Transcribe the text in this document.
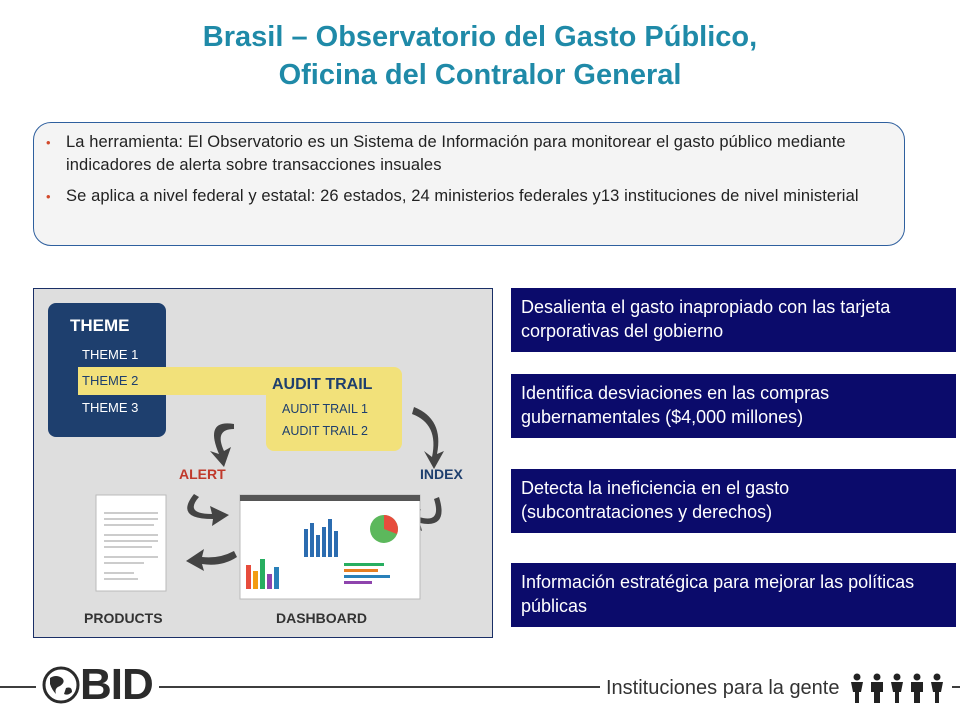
Brasil – Observatorio del Gasto Público,
Oficina del Contralor General
• La herramienta: El Observatorio es un Sistema de Información para monitorear el gasto público mediante indicadores de alerta sobre transacciones insuales
• Se aplica a nivel federal y estatal: 26 estados, 24 ministerios federales y13 instituciones de nivel ministerial
THEME
THEME 1
THEME 2
THEME 3
AUDIT TRAIL
AUDIT TRAIL 1
AUDIT TRAIL 2
ALERT	INDEX
PRODUCTS	DASHBOARD
Desalienta el gasto inapropiado con las tarjeta corporativas del gobierno
Identifica desviaciones en las compras gubernamentales ($4,000 millones)
Detecta la ineficiencia en el gasto (subcontrataciones y derechos)
Información estratégica para mejorar las políticas públicas
BID	Instituciones para la gente
